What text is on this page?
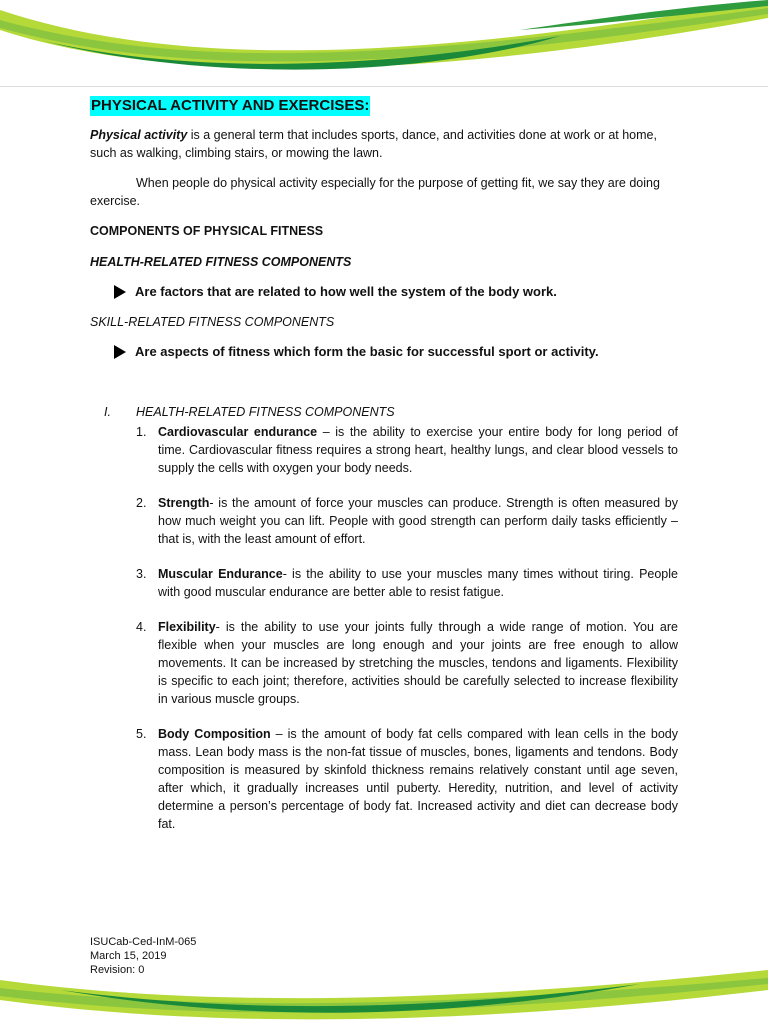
PHYSICAL ACTIVITY AND EXERCISES:

Physical activity is a general term that includes sports, dance, and activities done at work or at home, such as walking, climbing stairs, or mowing the lawn.

When people do physical activity especially for the purpose of getting fit, we say they are doing exercise.

COMPONENTS OF PHYSICAL FITNESS

HEALTH-RELATED FITNESS COMPONENTS

Are factors that are related to how well the system of the body work.

SKILL-RELATED FITNESS COMPONENTS

Are aspects of fitness which form the basic for successful sport or activity.
I.	HEALTH-RELATED FITNESS COMPONENTS
1. Cardiovascular endurance – is the ability to exercise your entire body for long period of time. Cardiovascular fitness requires a strong heart, healthy lungs, and clear blood vessels to supply the cells with oxygen your body needs.
2. Strength- is the amount of force your muscles can produce. Strength is often measured by how much weight you can lift. People with good strength can perform daily tasks efficiently – that is, with the least amount of effort.
3. Muscular Endurance- is the ability to use your muscles many times without tiring. People with good muscular endurance are better able to resist fatigue.
4. Flexibility- is the ability to use your joints fully through a wide range of motion. You are flexible when your muscles are long enough and your joints are free enough to allow movements. It can be increased by stretching the muscles, tendons and ligaments. Flexibility is specific to each joint; therefore, activities should be carefully selected to increase flexibility in various muscle groups.
5. Body Composition – is the amount of body fat cells compared with lean cells in the body mass. Lean body mass is the non-fat tissue of muscles, bones, ligaments and tendons. Body composition is measured by skinfold thickness remains relatively constant until age seven, after which, it gradually increases until puberty. Heredity, nutrition, and level of activity determine a person’s percentage of body fat. Increased activity and diet can decrease body fat.
ISUCab-Ced-InM-065
March 15, 2019
Revision: 0
